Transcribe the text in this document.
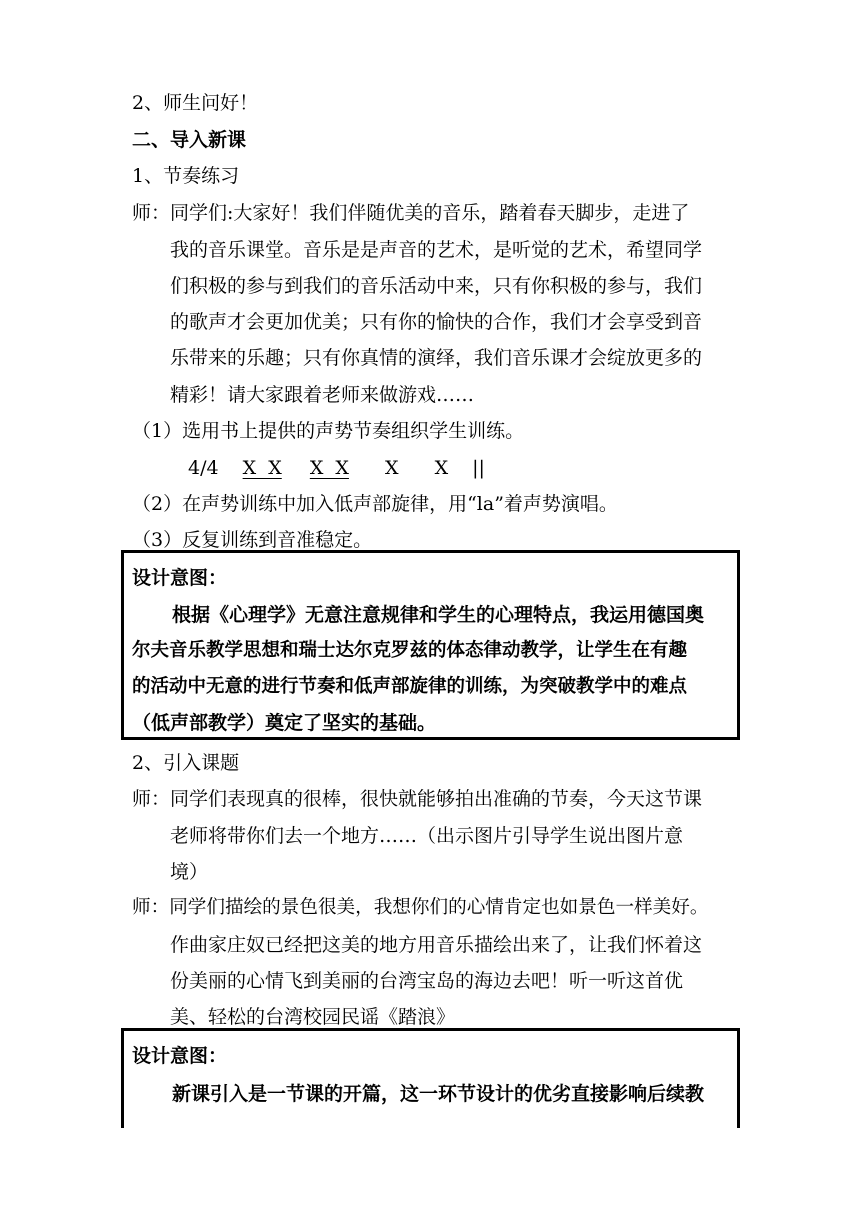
2、师生问好！
二、导入新课
1、节奏练习
师：同学们:大家好！我们伴随优美的音乐，踏着春天脚步，走进了
我的音乐课堂。音乐是是声音的艺术，是听觉的艺术，希望同学
们积极的参与到我们的音乐活动中来，只有你积极的参与，我们
的歌声才会更加优美；只有你的愉快的合作，我们才会享受到音
乐带来的乐趣；只有你真情的演绎，我们音乐课才会绽放更多的
精彩！请大家跟着老师来做游戏……
（1）选用书上提供的声势节奏组织学生训练。
4/4 X  X X  X X X ||
（2）在声势训练中加入低声部旋律，用“la”着声势演唱。
（3）反复训练到音准稳定。
设计意图：
根据《心理学》无意注意规律和学生的心理特点，我运用德国奥
尔夫音乐教学思想和瑞士达尔克罗兹的体态律动教学，让学生在有趣
的活动中无意的进行节奏和低声部旋律的训练，为突破教学中的难点
（低声部教学）奠定了坚实的基础。
2、引入课题
师：同学们表现真的很棒，很快就能够拍出准确的节奏，今天这节课
老师将带你们去一个地方……（出示图片引导学生说出图片意
境）
师：同学们描绘的景色很美，我想你们的心情肯定也如景色一样美好。
作曲家庄奴已经把这美的地方用音乐描绘出来了，让我们怀着这
份美丽的心情飞到美丽的台湾宝岛的海边去吧！听一听这首优
美、轻松的台湾校园民谣《踏浪》
设计意图：
新课引入是一节课的开篇，这一环节设计的优劣直接影响后续教
